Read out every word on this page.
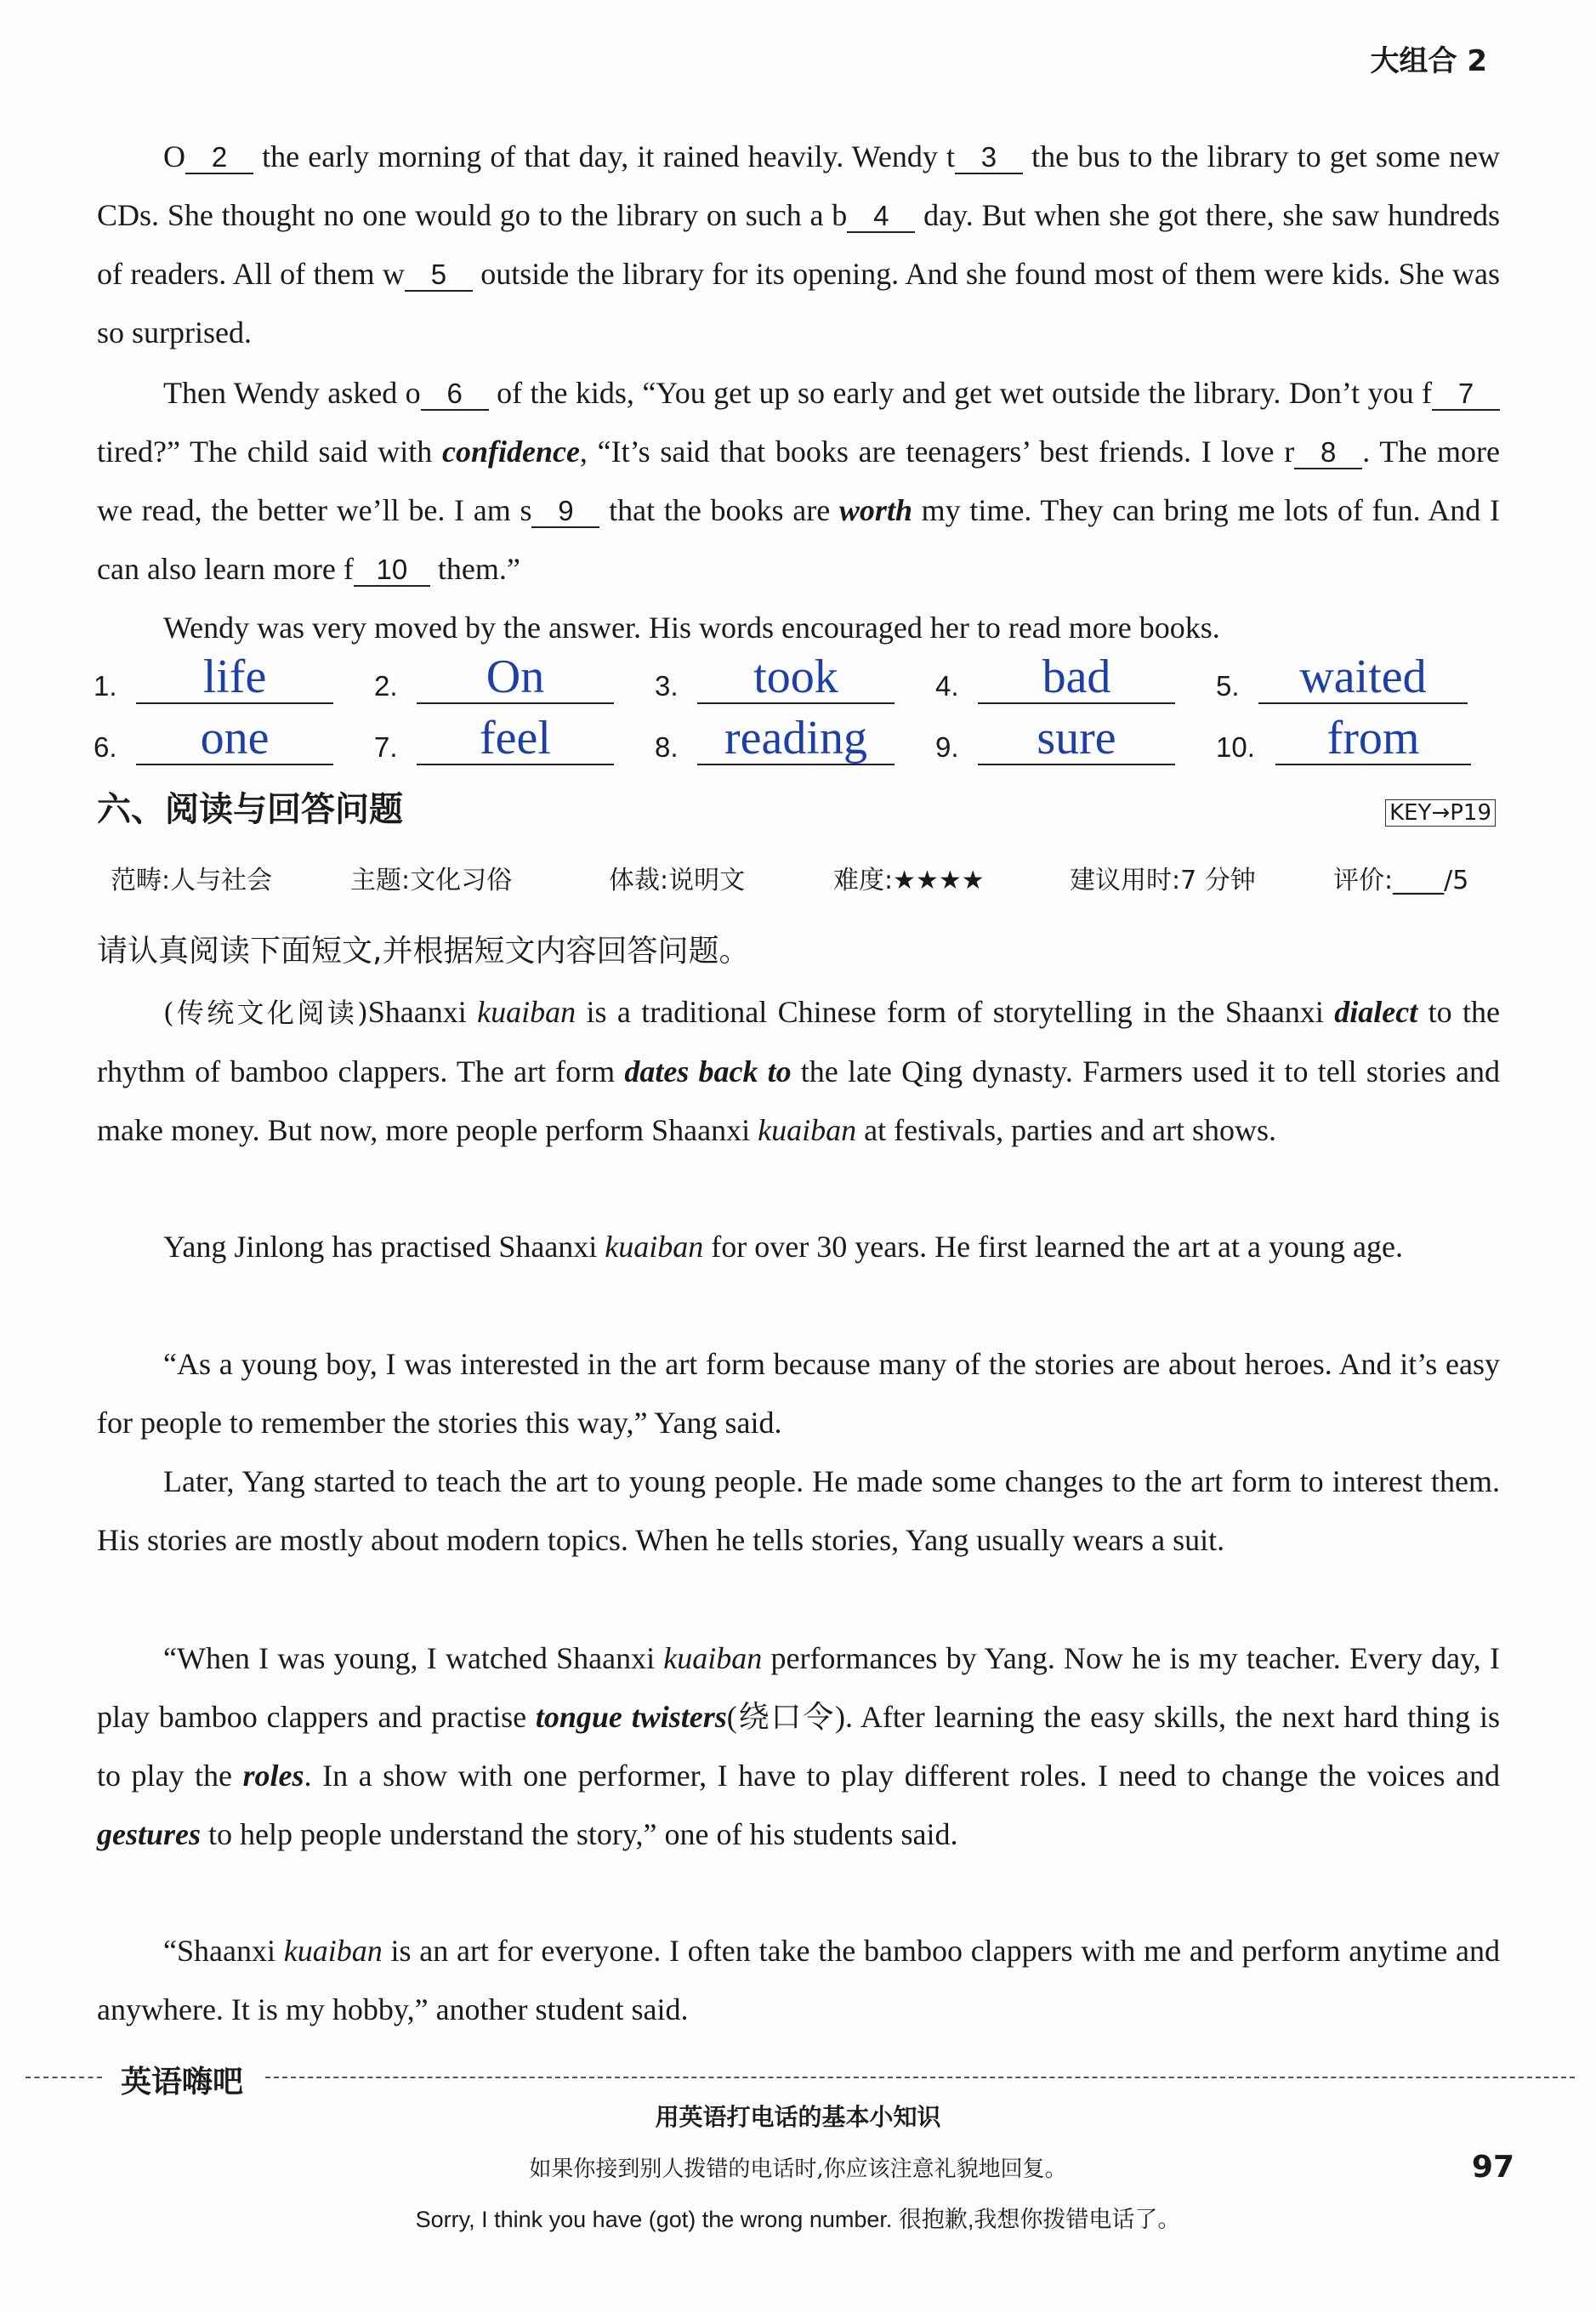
大组合 2
O 2 the early morning of that day, it rained heavily. Wendy t 3 the bus to the library to get some new CDs. She thought no one would go to the library on such a b 4 day. But when she got there, she saw hundreds of readers. All of them w 5 outside the library for its opening. And she found most of them were kids. She was so surprised.
Then Wendy asked o 6 of the kids, “You get up so early and get wet outside the library. Don’t you f 7 tired?” The child said with confidence, “It’s said that books are teenagers’ best friends. I love r 8 . The more we read, the better we’ll be. I am s 9 that the books are worth my time. They can bring me lots of fun. And I can also learn more f 10 them.”
Wendy was very moved by the answer. His words encouraged her to read more books.
1.	life	2.	On	3.	took	4.	bad	5.	waited
6.	one	7.	feel	8. reading	9.	sure	10.	from
六、阅读与回答问题	KEY→P19
范畴:人与社会	主题:文化习俗	体裁:说明文	难度:★★★★	建议用时:7 分钟	评价:____/5
请认真阅读下面短文,并根据短文内容回答问题。
(传统文化阅读)Shaanxi kuaiban is a traditional Chinese form of storytelling in the Shaanxi dialect to the rhythm of bamboo clappers. The art form dates back to the late Qing dynasty. Farmers used it to tell stories and make money. But now, more people perform Shaanxi kuaiban at festivals, parties and art shows.
Yang Jinlong has practised Shaanxi kuaiban for over 30 years. He first learned the art at a young age.
“As a young boy, I was interested in the art form because many of the stories are about heroes. And it’s easy for people to remember the stories this way,” Yang said.
Later, Yang started to teach the art to young people. He made some changes to the art form to interest them. His stories are mostly about modern topics. When he tells stories, Yang usually wears a suit.
“When I was young, I watched Shaanxi kuaiban performances by Yang. Now he is my teacher. Every day, I play bamboo clappers and practise tongue twisters(绕口令). After learning the easy skills, the next hard thing is to play the roles. In a show with one performer, I have to play different roles. I need to change the voices and gestures to help people understand the story,” one of his students said.
“Shaanxi kuaiban is an art for everyone. I often take the bamboo clappers with me and perform anytime and anywhere. It is my hobby,” another student said.
英语嗨吧
用英语打电话的基本小知识
如果你接到别人拨错的电话时,你应该注意礼貌地回复。
Sorry, I think you have (got) the wrong number. 很抱歉,我想你拨错电话了。
97
